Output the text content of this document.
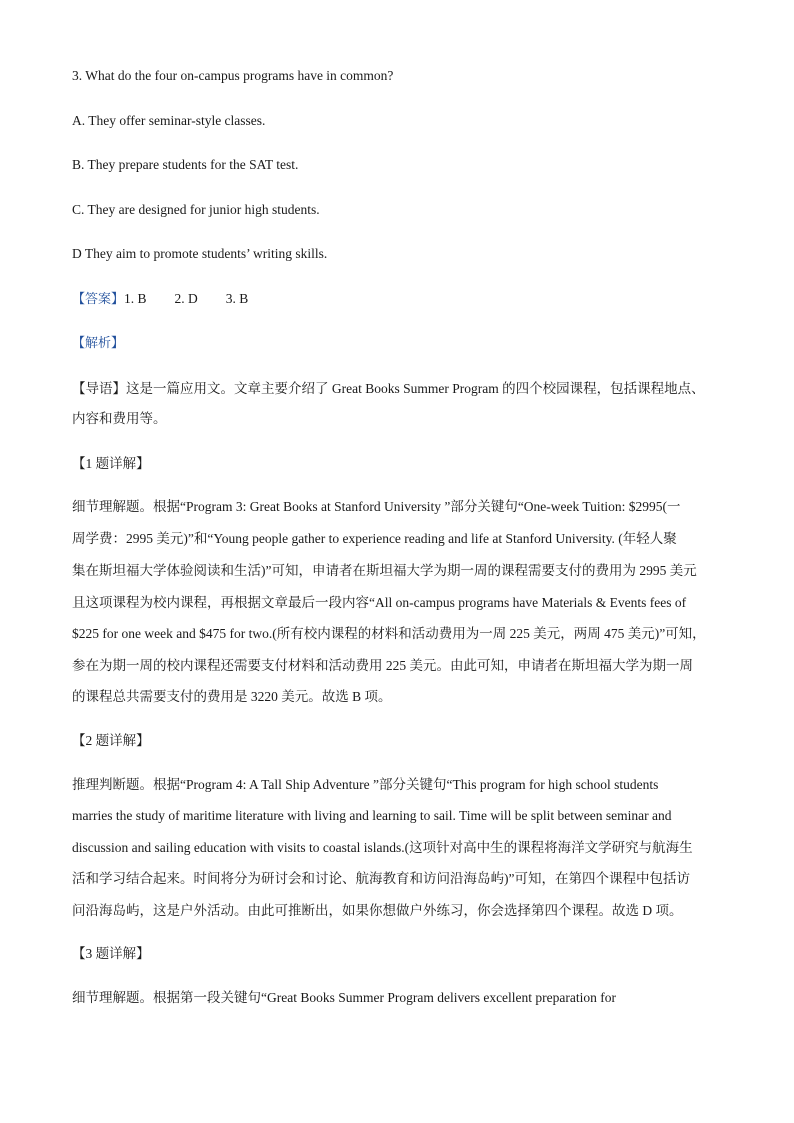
3. What do the four on-campus programs have in common?
A. They offer seminar-style classes.
B. They prepare students for the SAT test.
C. They are designed for junior high students.
D They aim to promote students’ writing skills.
【答案】1. B 2. D 3. B
【解析】
【导语】这是一篇应用文。文章主要介绍了 Great Books Summer Program 的四个校园课程，包括课程地点、
内容和费用等。
【1 题详解】
细节理解题。根据“Program 3: Great Books at Stanford University ”部分关键句“One-week Tuition: $2995(一
周学费：2995 美元)”和“Young people gather to experience reading and life at Stanford University. (年轻人聚
集在斯坦福大学体验阅读和生活)”可知，申请者在斯坦福大学为期一周的课程需要支付的费用为 2995 美元
且这项课程为校内课程，再根据文章最后一段内容“All on-campus programs have Materials & Events fees of
$225 for one week and $475 for two.(所有校内课程的材料和活动费用为一周 225 美元，两周 475 美元)”可知，
参在为期一周的校内课程还需要支付材料和活动费用 225 美元。由此可知，申请者在斯坦福大学为期一周
的课程总共需要支付的费用是 3220 美元。故选 B 项。
【2 题详解】
推理判断题。根据“Program 4: A Tall Ship Adventure ”部分关键句“This program for high school students
marries the study of maritime literature with living and learning to sail. Time will be split between seminar and
discussion and sailing education with visits to coastal islands.(这项针对高中生的课程将海洋文学研究与航海生
活和学习结合起来。时间将分为研讨会和讨论、航海教育和访问沿海岛屿)”可知，在第四个课程中包括访
问沿海岛屿，这是户外活动。由此可推断出，如果你想做户外练习，你会选择第四个课程。故选 D 项。
【3 题详解】
细节理解题。根据第一段关键句“Great Books Summer Program delivers excellent preparation for
